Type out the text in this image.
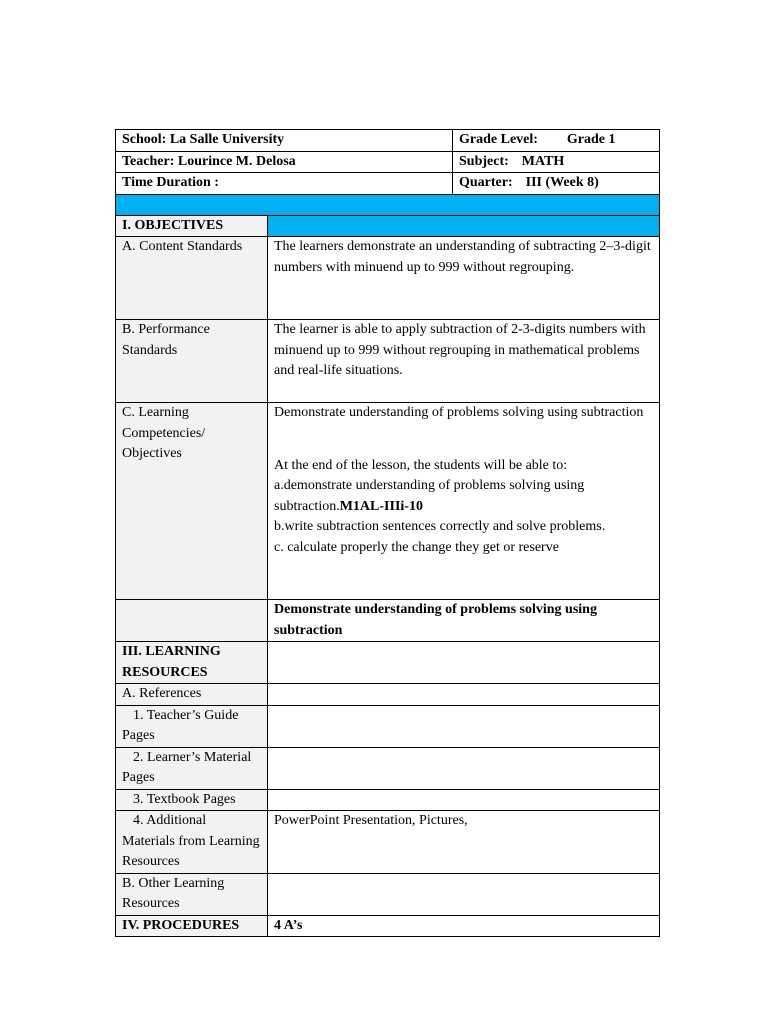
School: La Salle University	Grade Level: Grade 1
Teacher: Lourince M. Delosa	Subject: MATH
Time Duration :	Quarter: III (Week 8)

I. OBJECTIVES	
A. Content Standards	The learners demonstrate an understanding of subtracting 2–3-digit numbers with minuend up to 999 without regrouping.
B. Performance Standards	The learner is able to apply subtraction of 2-3-digits numbers with minuend up to 999 without regrouping in mathematical problems and real-life situations.

C. Learning Competencies/ Objectives	Demonstrate understanding of problems solving using subtraction

At the end of the lesson, the students will be able to:

a.demonstrate understanding of problems solving using subtraction.M1AL-IIIi-10

b.write subtraction sentences correctly and solve problems.

c. calculate properly the change they get or reserve

	Demonstrate understanding of problems solving using subtraction
III. LEARNING RESOURCES	
A. References	
1. Teacher’s Guide Pages	
2. Learner’s Material Pages	
3. Textbook Pages	
4. Additional Materials from Learning Resources	PowerPoint Presentation, Pictures,
B. Other Learning Resources	
IV. PROCEDURES	4 A’s
